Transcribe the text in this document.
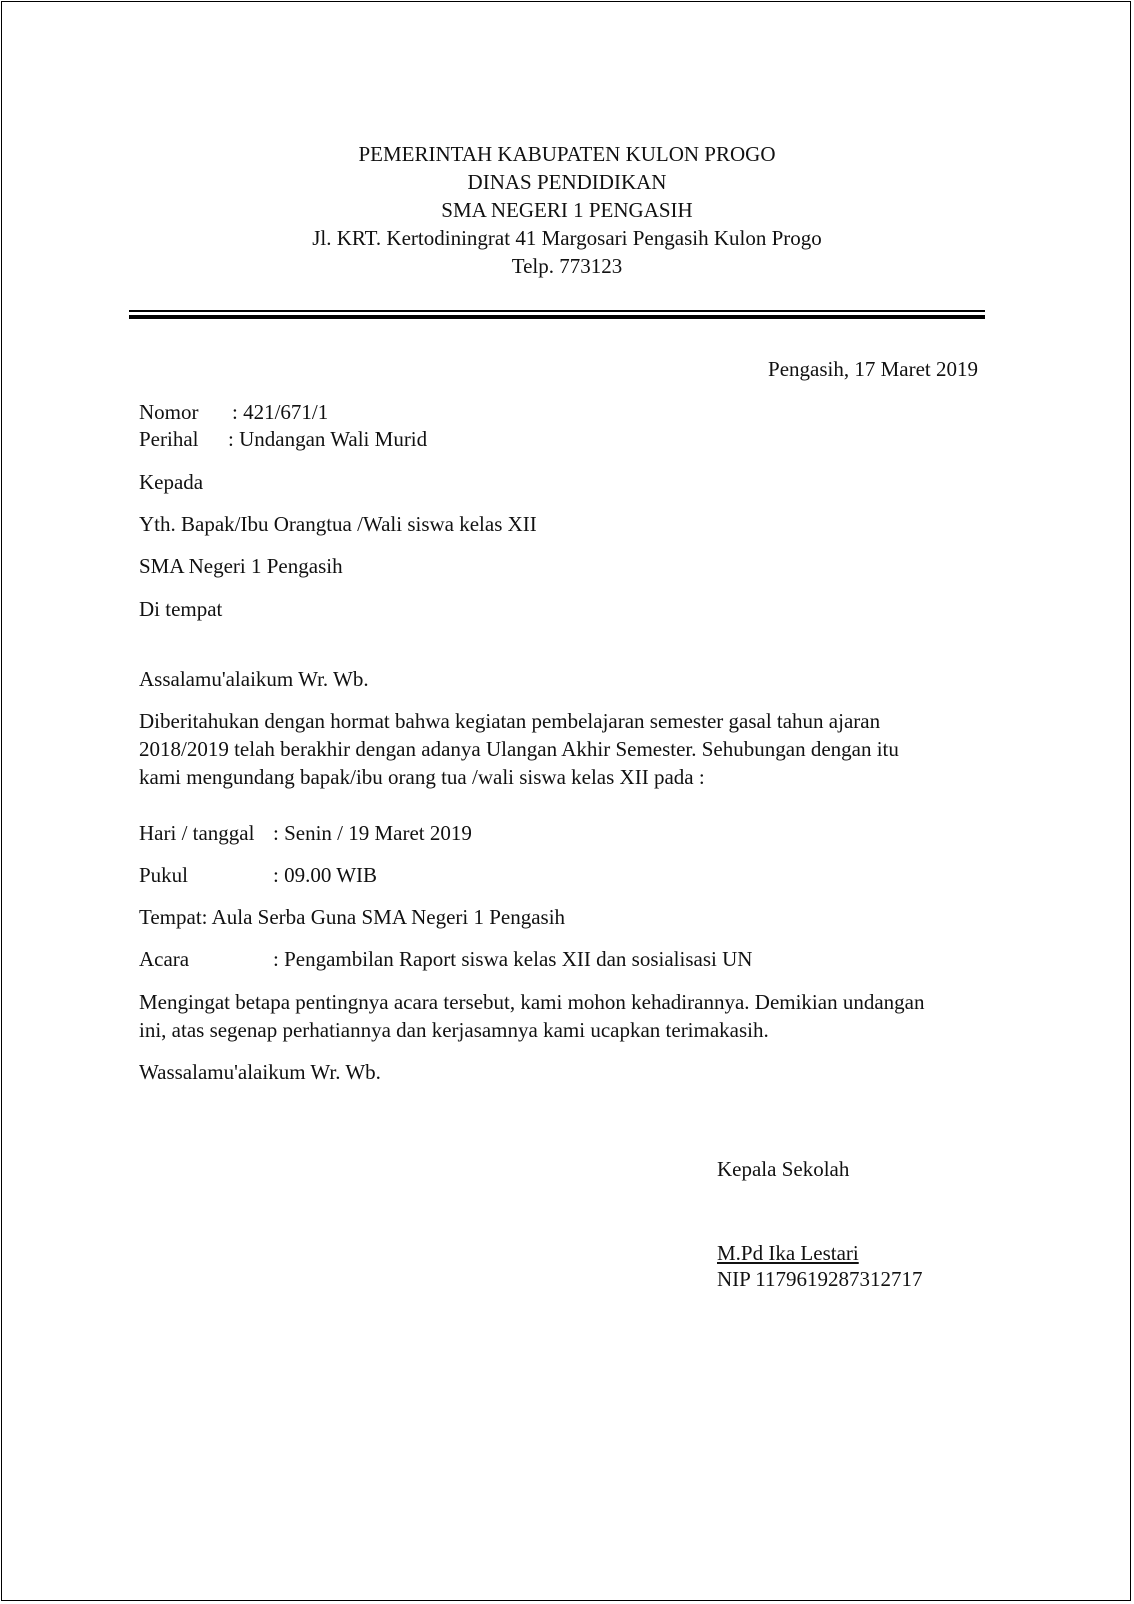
PEMERINTAH KABUPATEN KULON PROGO
DINAS PENDIDIKAN
SMA NEGERI 1 PENGASIH
Jl. KRT. Kertodiningrat 41 Margosari Pengasih Kulon Progo
Telp. 773123
Pengasih, 17 Maret 2019
Nomor : 421/671/1
Perihal : Undangan Wali Murid
Kepada
Yth. Bapak/Ibu Orangtua /Wali siswa kelas XII
SMA Negeri 1 Pengasih
Di tempat
Assalamu'alaikum Wr. Wb.
Diberitahukan dengan hormat bahwa kegiatan pembelajaran semester gasal tahun ajaran
2018/2019 telah berakhir dengan adanya Ulangan Akhir Semester. Sehubungan dengan itu
kami mengundang bapak/ibu orang tua /wali siswa kelas XII pada :
Hari / tanggal : Senin / 19 Maret 2019
Pukul	: 09.00 WIB
Tempat: Aula Serba Guna SMA Negeri 1 Pengasih
Acara	: Pengambilan Raport siswa kelas XII dan sosialisasi UN
Mengingat betapa pentingnya acara tersebut, kami mohon kehadirannya. Demikian undangan
ini, atas segenap perhatiannya dan kerjasamnya kami ucapkan terimakasih.
Wassalamu'alaikum Wr. Wb.
Kepala Sekolah
M.Pd Ika Lestari
NIP 1179619287312717
